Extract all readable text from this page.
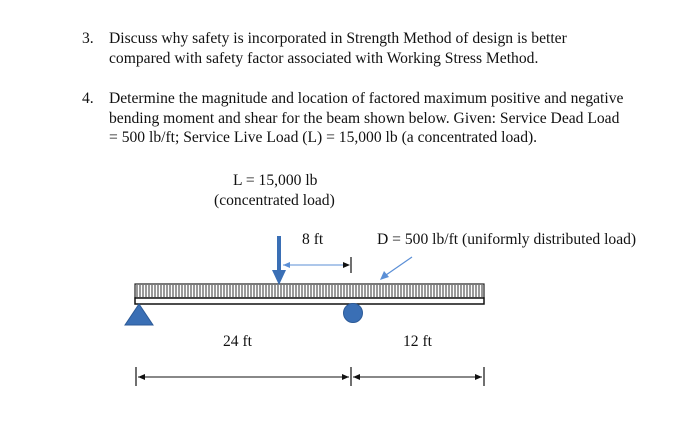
3. Discuss why safety is incorporated in Strength Method of design is better
compared with safety factor associated with Working Stress Method.
4. Determine the magnitude and location of factored maximum positive and negative
bending moment and shear for the beam shown below. Given: Service Dead Load
= 500 lb/ft; Service Live Load (L) = 15,000 lb (a concentrated load).
L = 15,000 lb
(concentrated load)
8 ft	D = 500 lb/ft (uniformly distributed load)
24 ft	12 ft
